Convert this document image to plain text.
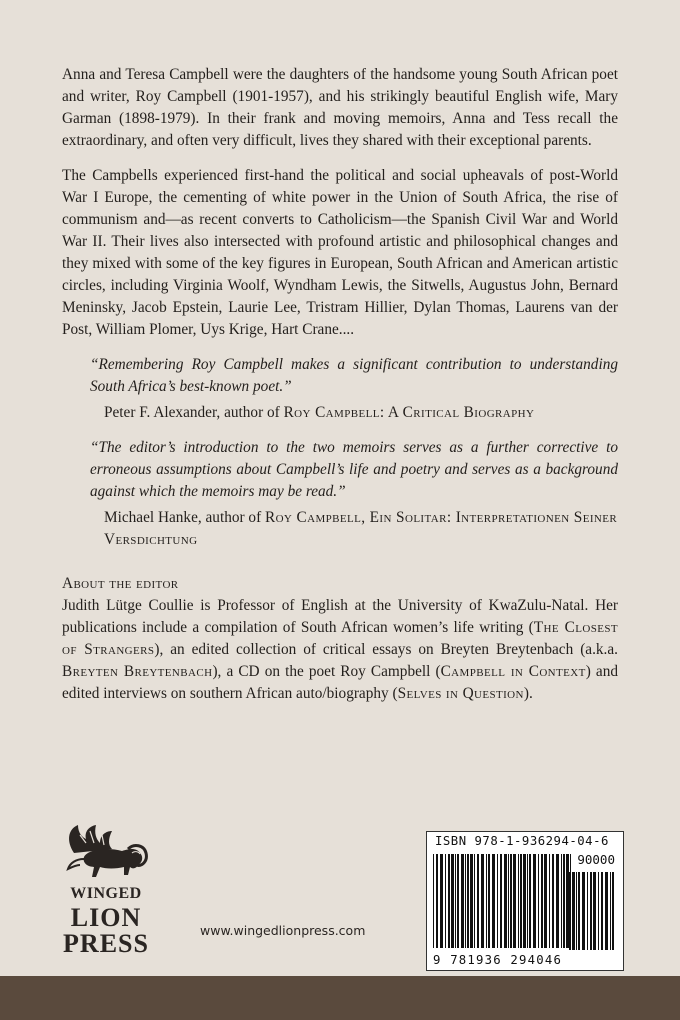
Anna and Teresa Campbell were the daughters of the handsome young South African poet and writer, Roy Campbell (1901-1957), and his strikingly beautiful English wife, Mary Garman (1898-1979). In their frank and moving memoirs, Anna and Tess recall the extraordinary, and often very difficult, lives they shared with their exceptional parents.

The Campbells experienced first-hand the political and social upheavals of post-World War I Europe, the cementing of white power in the Union of South Africa, the rise of communism and—as recent converts to Catholicism—the Spanish Civil War and World War II. Their lives also intersected with profound artistic and philosophical changes and they mixed with some of the key figures in European, South African and American artistic circles, including Virginia Woolf, Wyndham Lewis, the Sitwells, Augustus John, Bernard Meninsky, Jacob Epstein, Laurie Lee, Tristram Hillier, Dylan Thomas, Laurens van der Post, William Plomer, Uys Krige, Hart Crane....

“Remembering Roy Campbell makes a significant contribution to understanding South Africa’s best-known poet.”

Peter F. Alexander, author of Roy Campbell: A Critical Biography

“The editor’s introduction to the two memoirs serves as a further corrective to erroneous assumptions about Campbell’s life and poetry and serves as a background against which the memoirs may be read.”

Michael Hanke, author of Roy Campbell, Ein Solitar: Interpretationen Seiner Versdichtung

About the editor

Judith Lütge Coullie is Professor of English at the University of KwaZulu-Natal. Her publications include a compilation of South African women’s life writing (The Closest of Strangers), an edited collection of critical essays on Breyten Breytenbach (a.k.a. Breyten Breytenbach), a CD on the poet Roy Campbell (Campbell in Context) and edited interviews on southern African auto/biography (Selves in Question).

WINGED
LION
PRESS	www.wingedlionpress.com
ISBN 978-1-936294-04-6
90000
9 781936 294046
